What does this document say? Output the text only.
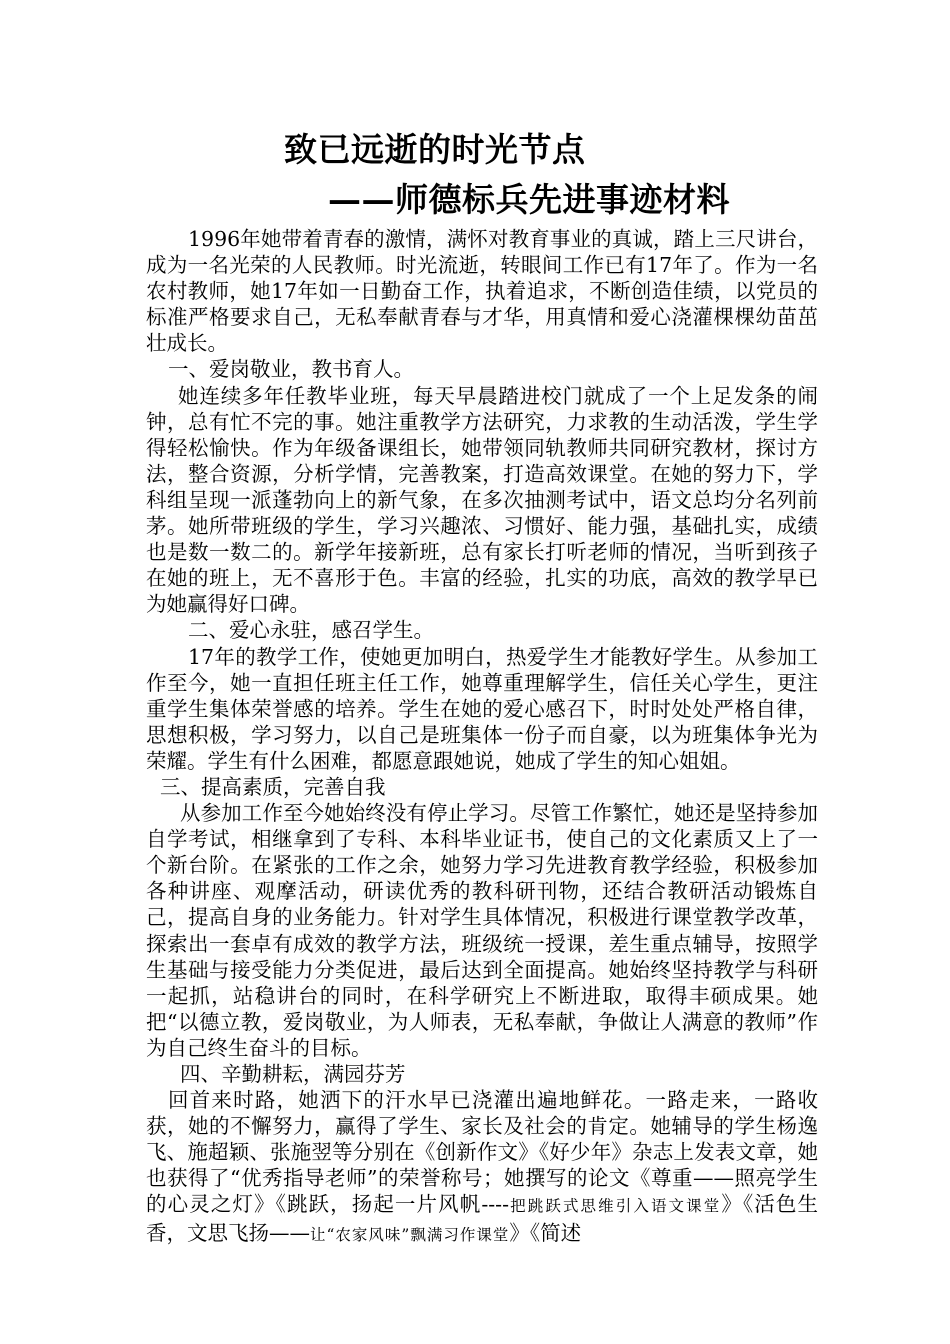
致已远逝的时光节点
——师德标兵先进事迹材料

1996年她带着青春的激情，满怀对教育事业的真诚，踏上三尺讲台，成为一名光荣的人民教师。时光流逝，转眼间工作已有17年了。作为一名农村教师，她17年如一日勤奋工作，执着追求，不断创造佳绩，以党员的标准严格要求自己，无私奉献青春与才华，用真情和爱心浇灌棵棵幼苗茁壮成长。

一、爱岗敬业，教书育人。

她连续多年任教毕业班，每天早晨踏进校门就成了一个上足发条的闹钟，总有忙不完的事。她注重教学方法研究，力求教的生动活泼，学生学得轻松愉快。作为年级备课组长，她带领同轨教师共同研究教材，探讨方法，整合资源，分析学情，完善教案，打造高效课堂。在她的努力下，学科组呈现一派蓬勃向上的新气象，在多次抽测考试中，语文总均分名列前茅。她所带班级的学生，学习兴趣浓、习惯好、能力强，基础扎实，成绩也是数一数二的。新学年接新班，总有家长打听老师的情况，当听到孩子在她的班上，无不喜形于色。丰富的经验，扎实的功底，高效的教学早已为她赢得好口碑。

二、爱心永驻，感召学生。

17年的教学工作，使她更加明白，热爱学生才能教好学生。从参加工作至今，她一直担任班主任工作，她尊重理解学生，信任关心学生，更注重学生集体荣誉感的培养。学生在她的爱心感召下，时时处处严格自律，思想积极，学习努力，以自己是班集体一份子而自豪，以为班集体争光为荣耀。学生有什么困难，都愿意跟她说，她成了学生的知心姐姐。

三、提高素质，完善自我

从参加工作至今她始终没有停止学习。尽管工作繁忙，她还是坚持参加自学考试，相继拿到了专科、本科毕业证书，使自己的文化素质又上了一个新台阶。在紧张的工作之余，她努力学习先进教育教学经验，积极参加各种讲座、观摩活动，研读优秀的教科研刊物，还结合教研活动锻炼自己，提高自身的业务能力。针对学生具体情况，积极进行课堂教学改革，探索出一套卓有成效的教学方法，班级统一授课，差生重点辅导，按照学生基础与接受能力分类促进，最后达到全面提高。她始终坚持教学与科研一起抓，站稳讲台的同时，在科学研究上不断进取，取得丰硕成果。她把“以德立教，爱岗敬业，为人师表，无私奉献，争做让人满意的教师”作为自己终生奋斗的目标。

四、辛勤耕耘，满园芬芳

回首来时路，她洒下的汗水早已浇灌出遍地鲜花。一路走来，一路收获，她的不懈努力，赢得了学生、家长及社会的肯定。她辅导的学生杨逸飞、施超颖、张施翌等分别在《创新作文》《好少年》杂志上发表文章，她也获得了“优秀指导老师”的荣誉称号；她撰写的论文《尊重——照亮学生的心灵之灯》《跳跃，扬起一片风帆----把跳跃式思维引入语文课堂》《活色生香，文思飞扬——让“农家风味”飘满习作课堂》《简述
